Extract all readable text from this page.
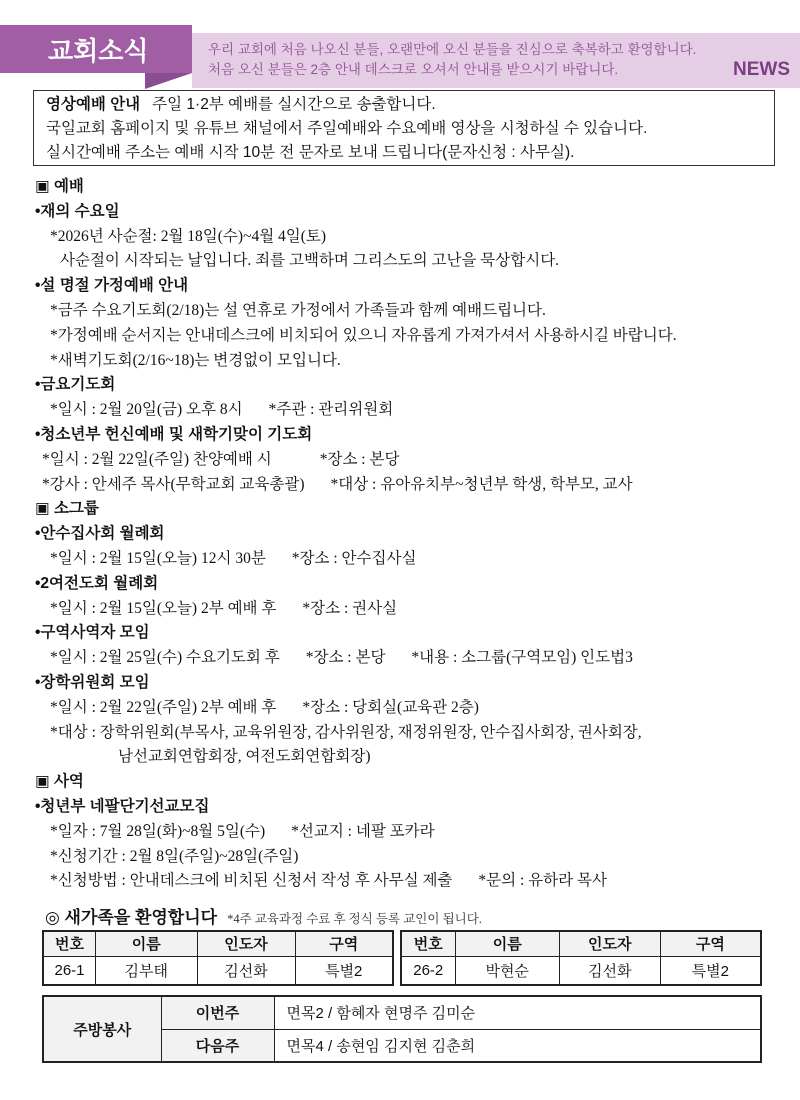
교회소식	우리 교회에 처음 나오신 분들, 오랜만에 오신 분들을 진심으로 축복하고 환영합니다.
처음 오신 분들은 2층 안내 데스크로 오셔서 안내를 받으시기 바랍니다.	NEWS
영상예배 안내 주일 1·2부 예배를 실시간으로 송출합니다.
국일교회 홈페이지 및 유튜브 채널에서 주일예배와 수요예배 영상을 시청하실 수 있습니다.
실시간예배 주소는 예배 시작 10분 전 문자로 보내 드립니다(문자신청 : 사무실).
▣ 예배
•재의 수요일
*2026년 사순절: 2월 18일(수)~4월 4일(토)
사순절이 시작되는 날입니다. 죄를 고백하며 그리스도의 고난을 묵상합시다.
•설 명절 가정예배 안내
*금주 수요기도회(2/18)는 설 연휴로 가정에서 가족들과 함께 예배드립니다.
*가정예배 순서지는 안내데스크에 비치되어 있으니 자유롭게 가져가셔서 사용하시길 바랍니다.
*새벽기도회(2/16~18)는 변경없이 모입니다.
•금요기도회
*일시 : 2월 20일(금) 오후 8시 *주관 : 관리위원회
•청소년부 헌신예배 및 새학기맞이 기도회
*일시 : 2월 22일(주일) 찬양예배 시	*장소 : 본당
*강사 : 안세주 목사(무학교회 교육총괄) *대상 : 유아유치부~청년부 학생, 학부모, 교사
▣ 소그룹
•안수집사회 월례회
*일시 : 2월 15일(오늘) 12시 30분 *장소 : 안수집사실
•2여전도회 월례회
*일시 : 2월 15일(오늘) 2부 예배 후 *장소 : 권사실
•구역사역자 모임
*일시 : 2월 25일(수) 수요기도회 후 *장소 : 본당 *내용 : 소그룹(구역모임) 인도법3
•장학위원회 모임
*일시 : 2월 22일(주일) 2부 예배 후 *장소 : 당회실(교육관 2층)
*대상 : 장학위원회(부목사, 교육위원장, 감사위원장, 재정위원장, 안수집사회장, 권사회장,
남선교회연합회장, 여전도회연합회장)
▣ 사역
•청년부 네팔단기선교모집
*일자 : 7월 28일(화)~8월 5일(수) *선교지 : 네팔 포카라
*신청기간 : 2월 8일(주일)~28일(주일)
*신청방법 : 안내데스크에 비치된 신청서 작성 후 사무실 제출 *문의 : 유하라 목사
◎ 새가족을 환영합니다 *4주 교육과정 수료 후 정식 등록 교인이 됩니다.
번호	이름	인도자	구역
26-1	김부태	김선화	특별2
번호	이름	인도자	구역
26-2	박현순	김선화	특별2
주방봉사	이번주	면목2 / 함혜자 현명주 김미순
	다음주	면목4 / 송현임 김지현 김춘희
